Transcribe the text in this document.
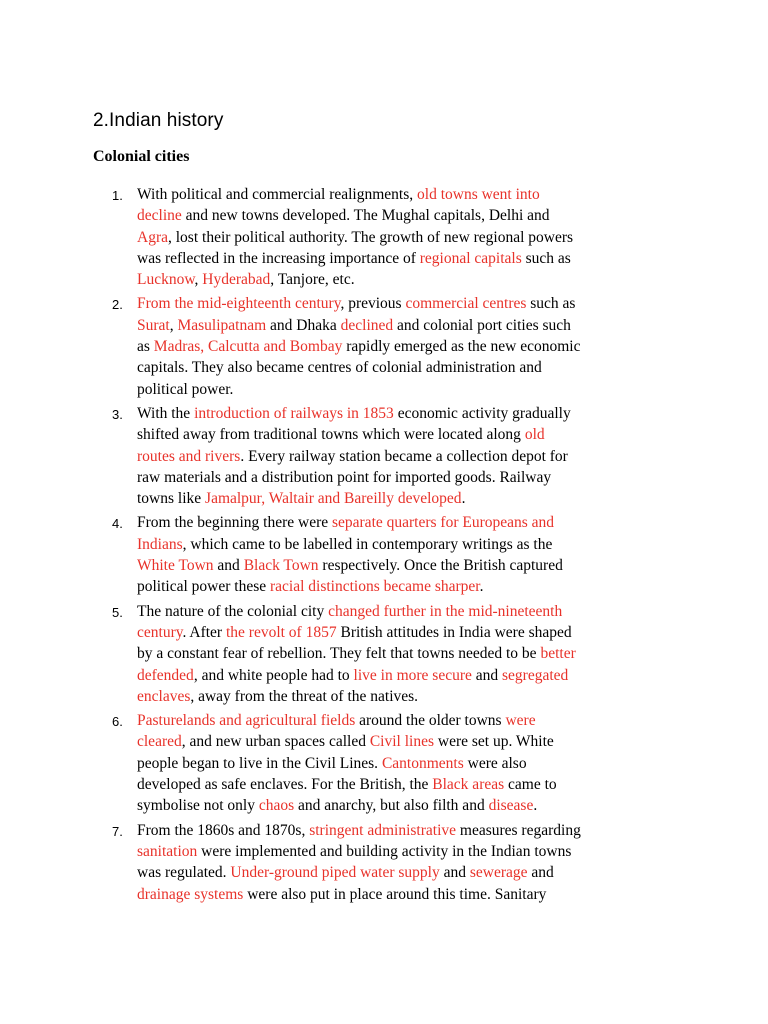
2.Indian history
Colonial cities
1. With political and commercial realignments, old towns went into
decline and new towns developed. The Mughal capitals, Delhi and
Agra, lost their political authority. The growth of new regional powers
was reflected in the increasing importance of regional capitals such as
Lucknow, Hyderabad, Tanjore, etc.
2. From the mid-eighteenth century, previous commercial centres such as
Surat, Masulipatnam and Dhaka declined and colonial port cities such
as Madras, Calcutta and Bombay rapidly emerged as the new economic
capitals. They also became centres of colonial administration and
political power.
3. With the introduction of railways in 1853 economic activity gradually
shifted away from traditional towns which were located along old
routes and rivers. Every railway station became a collection depot for
raw materials and a distribution point for imported goods. Railway
towns like Jamalpur, Waltair and Bareilly developed.
4. From the beginning there were separate quarters for Europeans and
Indians, which came to be labelled in contemporary writings as the
White Town and Black Town respectively. Once the British captured
political power these racial distinctions became sharper.
5. The nature of the colonial city changed further in the mid-nineteenth
century. After the revolt of 1857 British attitudes in India were shaped
by a constant fear of rebellion. They felt that towns needed to be better
defended, and white people had to live in more secure and segregated
enclaves, away from the threat of the natives.
6. Pasturelands and agricultural fields around the older towns were
cleared, and new urban spaces called Civil lines were set up. White
people began to live in the Civil Lines. Cantonments were also
developed as safe enclaves. For the British, the Black areas came to
symbolise not only chaos and anarchy, but also filth and disease.
7. From the 1860s and 1870s, stringent administrative measures regarding
sanitation were implemented and building activity in the Indian towns
was regulated. Under-ground piped water supply and sewerage and
drainage systems were also put in place around this time. Sanitary
